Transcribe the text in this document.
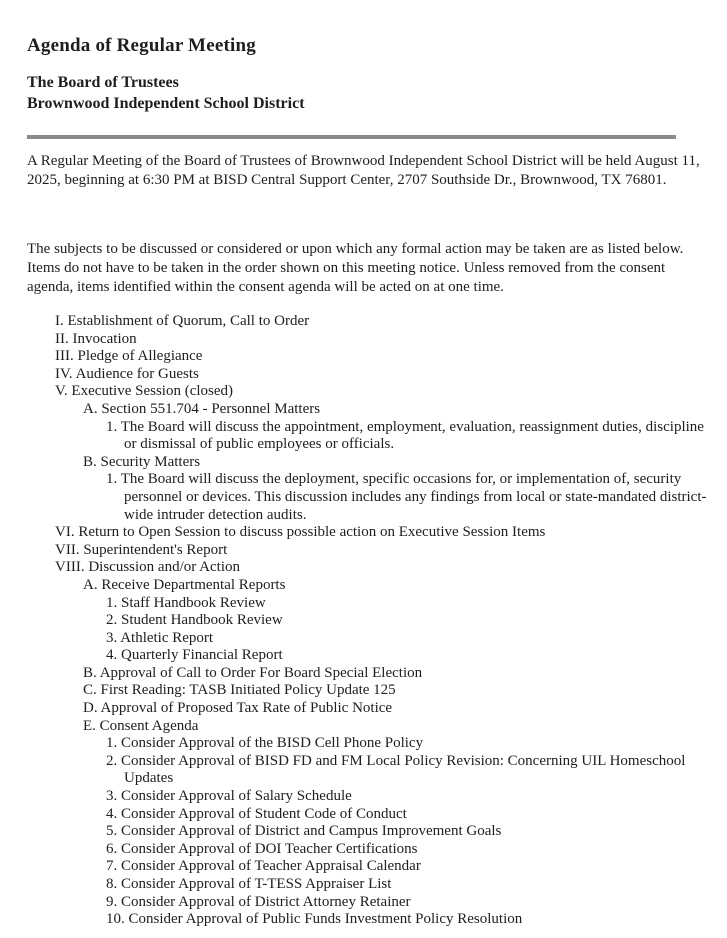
Agenda of Regular Meeting
The Board of Trustees
Brownwood Independent School District

A Regular Meeting of the Board of Trustees of Brownwood Independent School District will be held August 11, 2025, beginning at 6:30 PM at BISD Central Support Center, 2707 Southside Dr., Brownwood, TX 76801.

The subjects to be discussed or considered or upon which any formal action may be taken are as listed below. Items do not have to be taken in the order shown on this meeting notice. Unless removed from the consent agenda, items identified within the consent agenda will be acted on at one time.

I. Establishment of Quorum, Call to Order
II. Invocation
III. Pledge of Allegiance
IV. Audience for Guests
V. Executive Session (closed)
A. Section 551.704 - Personnel Matters
1. The Board will discuss the appointment, employment, evaluation, reassignment duties, discipline or dismissal of public employees or officials.
B. Security Matters
1. The Board will discuss the deployment, specific occasions for, or implementation of, security personnel or devices. This discussion includes any findings from local or state-mandated district-wide intruder detection audits.
VI. Return to Open Session to discuss possible action on Executive Session Items
VII. Superintendent's Report
VIII. Discussion and/or Action
A. Receive Departmental Reports
1. Staff Handbook Review
2. Student Handbook Review
3. Athletic Report
4. Quarterly Financial Report
B. Approval of Call to Order For Board Special Election
C. First Reading: TASB Initiated Policy Update 125
D. Approval of Proposed Tax Rate of Public Notice
E. Consent Agenda
1. Consider Approval of the BISD Cell Phone Policy
2. Consider Approval of BISD FD and FM Local Policy Revision: Concerning UIL Homeschool Updates
3. Consider Approval of Salary Schedule
4. Consider Approval of Student Code of Conduct
5. Consider Approval of District and Campus Improvement Goals
6. Consider Approval of DOI Teacher Certifications
7. Consider Approval of Teacher Appraisal Calendar
8. Consider Approval of T-TESS Appraiser List
9. Consider Approval of District Attorney Retainer
10. Consider Approval of Public Funds Investment Policy Resolution
